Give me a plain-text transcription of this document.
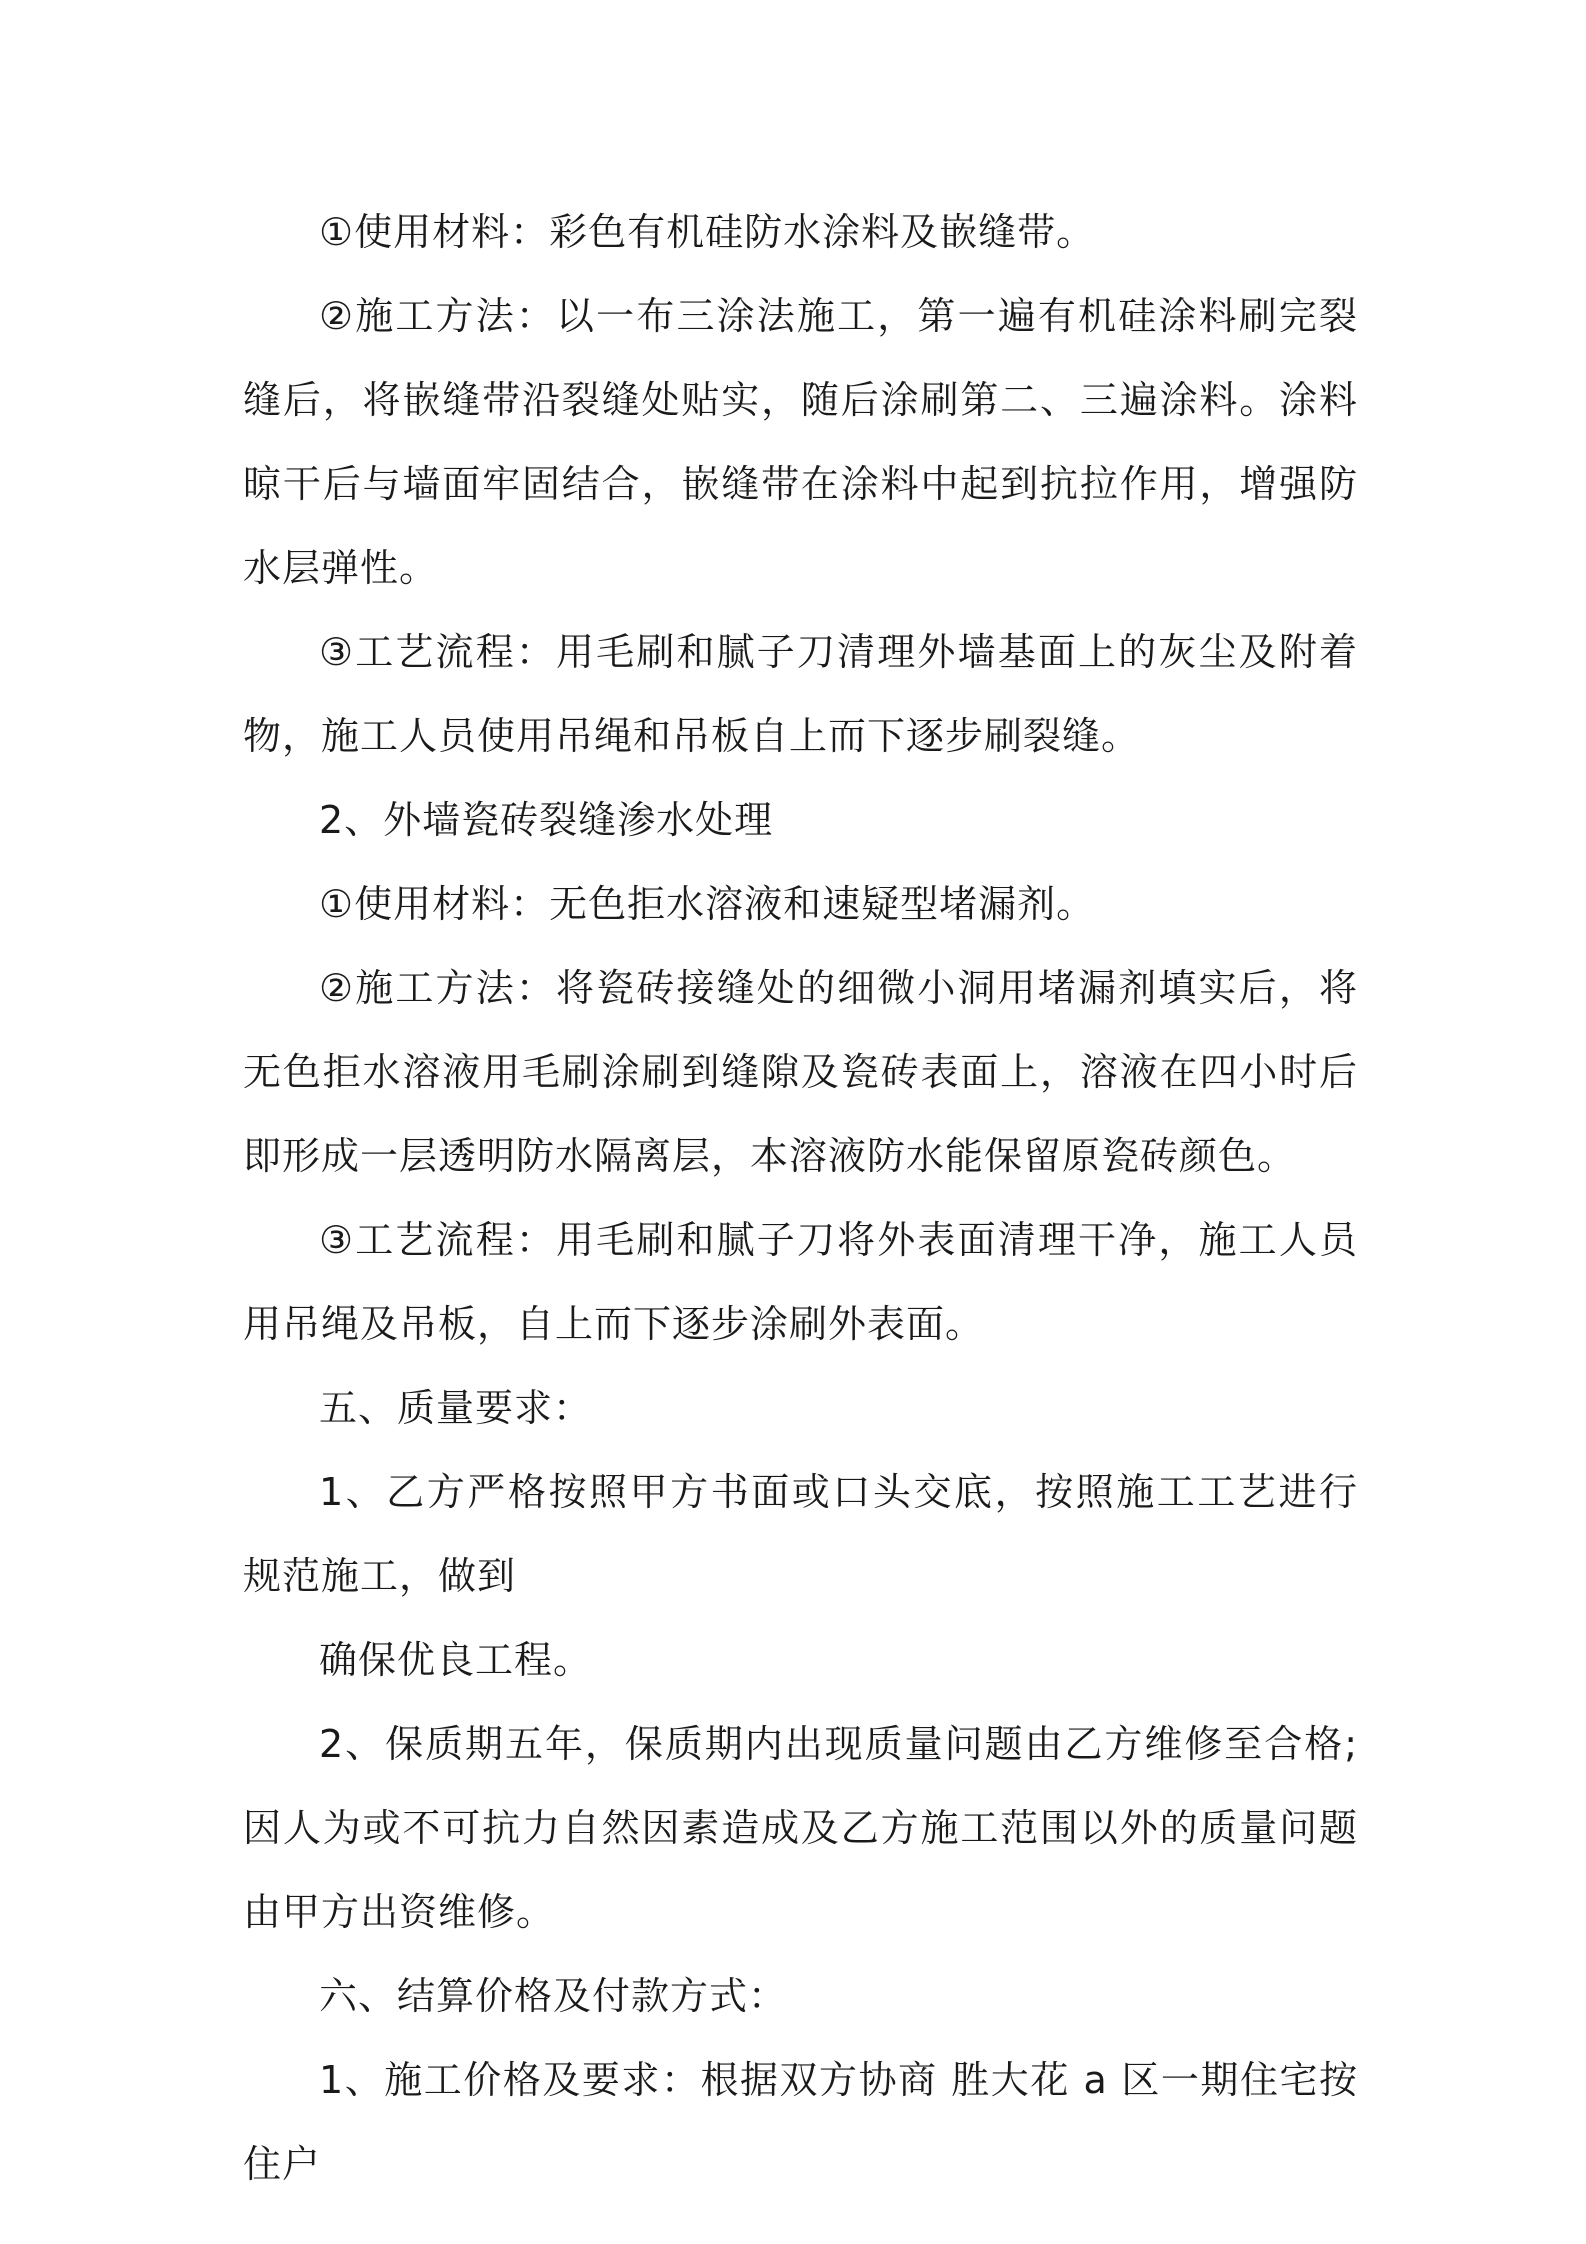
①使用材料：彩色有机硅防水涂料及嵌缝带。

②施工方法：以一布三涂法施工，第一遍有机硅涂料刷完裂缝后，将嵌缝带沿裂缝处贴实，随后涂刷第二、三遍涂料。涂料晾干后与墙面牢固结合，嵌缝带在涂料中起到抗拉作用，增强防水层弹性。

③工艺流程：用毛刷和腻子刀清理外墙基面上的灰尘及附着物，施工人员使用吊绳和吊板自上而下逐步刷裂缝。

2、外墙瓷砖裂缝渗水处理

①使用材料：无色拒水溶液和速疑型堵漏剂。

②施工方法：将瓷砖接缝处的细微小洞用堵漏剂填实后，将无色拒水溶液用毛刷涂刷到缝隙及瓷砖表面上，溶液在四小时后即形成一层透明防水隔离层，本溶液防水能保留原瓷砖颜色。

③工艺流程：用毛刷和腻子刀将外表面清理干净，施工人员用吊绳及吊板，自上而下逐步涂刷外表面。

五、质量要求：

1、乙方严格按照甲方书面或口头交底，按照施工工艺进行规范施工，做到

确保优良工程。

2、保质期五年，保质期内出现质量问题由乙方维修至合格;因人为或不可抗力自然因素造成及乙方施工范围以外的质量问题由甲方出资维修。

六、结算价格及付款方式：

1、施工价格及要求：根据双方协商 胜大花 a 区一期住宅按住户
